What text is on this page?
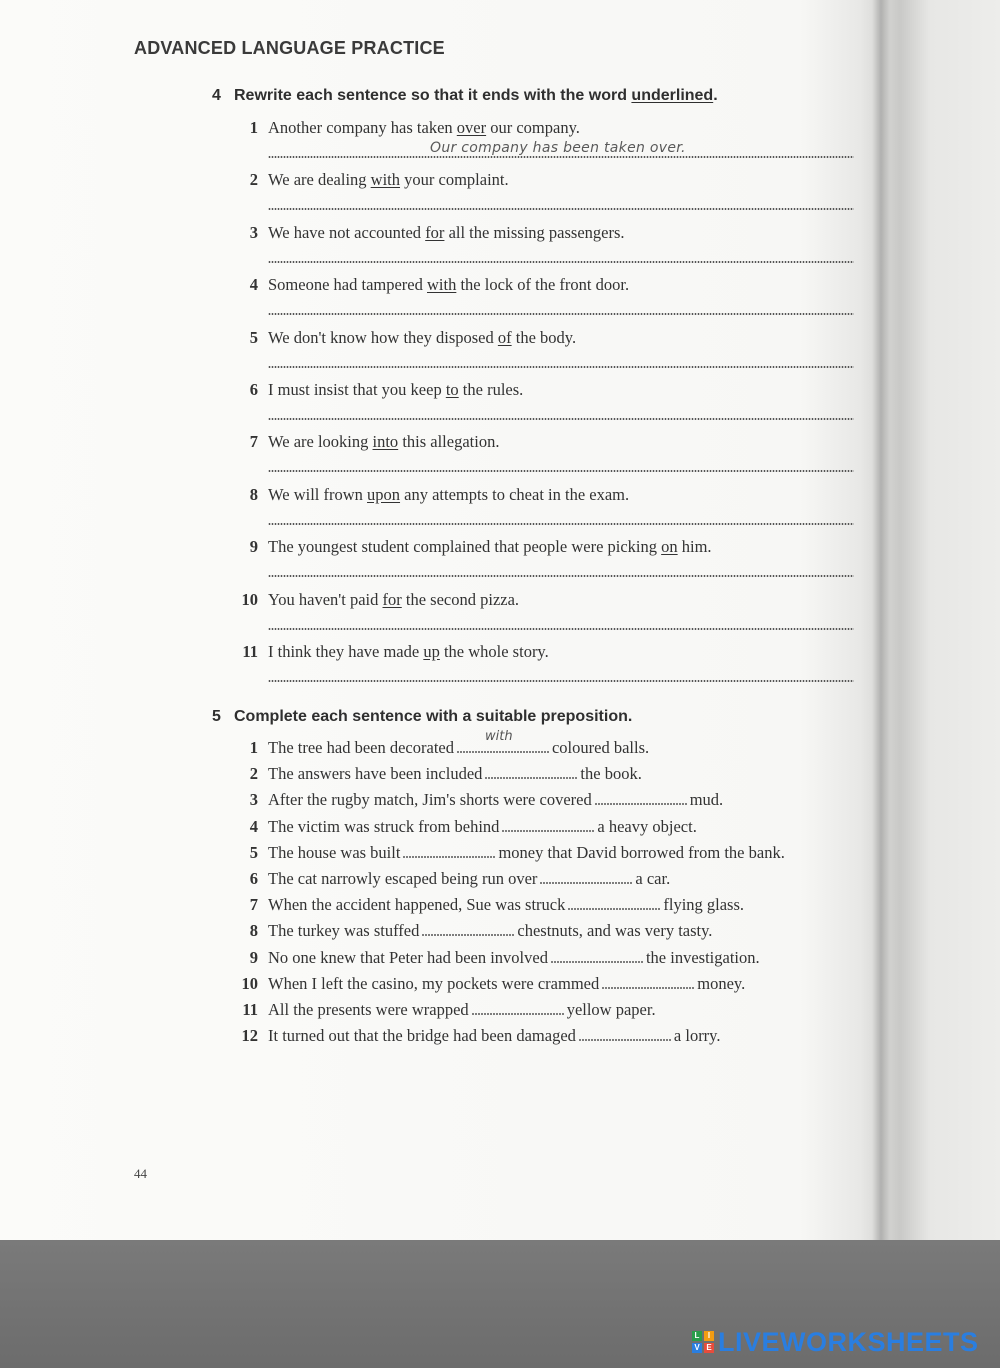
ADVANCED LANGUAGE PRACTICE
4 Rewrite each sentence so that it ends with the word underlined.
1 Another company has taken over our company.
Our company has been taken over.
2 We are dealing with your complaint.
3 We have not accounted for all the missing passengers.
4 Someone had tampered with the lock of the front door.
5 We don't know how they disposed of the body.
6 I must insist that you keep to the rules.
7 We are looking into this allegation.
8 We will frown upon any attempts to cheat in the exam.
9 The youngest student complained that people were picking on him.
10 You haven't paid for the second pizza.
11 I think they have made up the whole story.
5 Complete each sentence with a suitable preposition.
1 The tree had been decorated
with
coloured balls.
2 The answers have been included	the book.
3 After the rugby match, Jim's shorts were covered	mud.
4 The victim was struck from behind	a heavy object.
5 The house was built	money that David borrowed from the bank.
6 The cat narrowly escaped being run over	a car.
7 When the accident happened, Sue was struck	flying glass.
8 The turkey was stuffed	chestnuts, and was very tasty.
9 No one knew that Peter had been involved	the investigation.
10 When I left the casino, my pockets were crammed	money.
11 All the presents were wrapped	yellow paper.
12 It turned out that the bridge had been damaged	a lorry.
44
L	I
V E LIVEWORKSHEETS
